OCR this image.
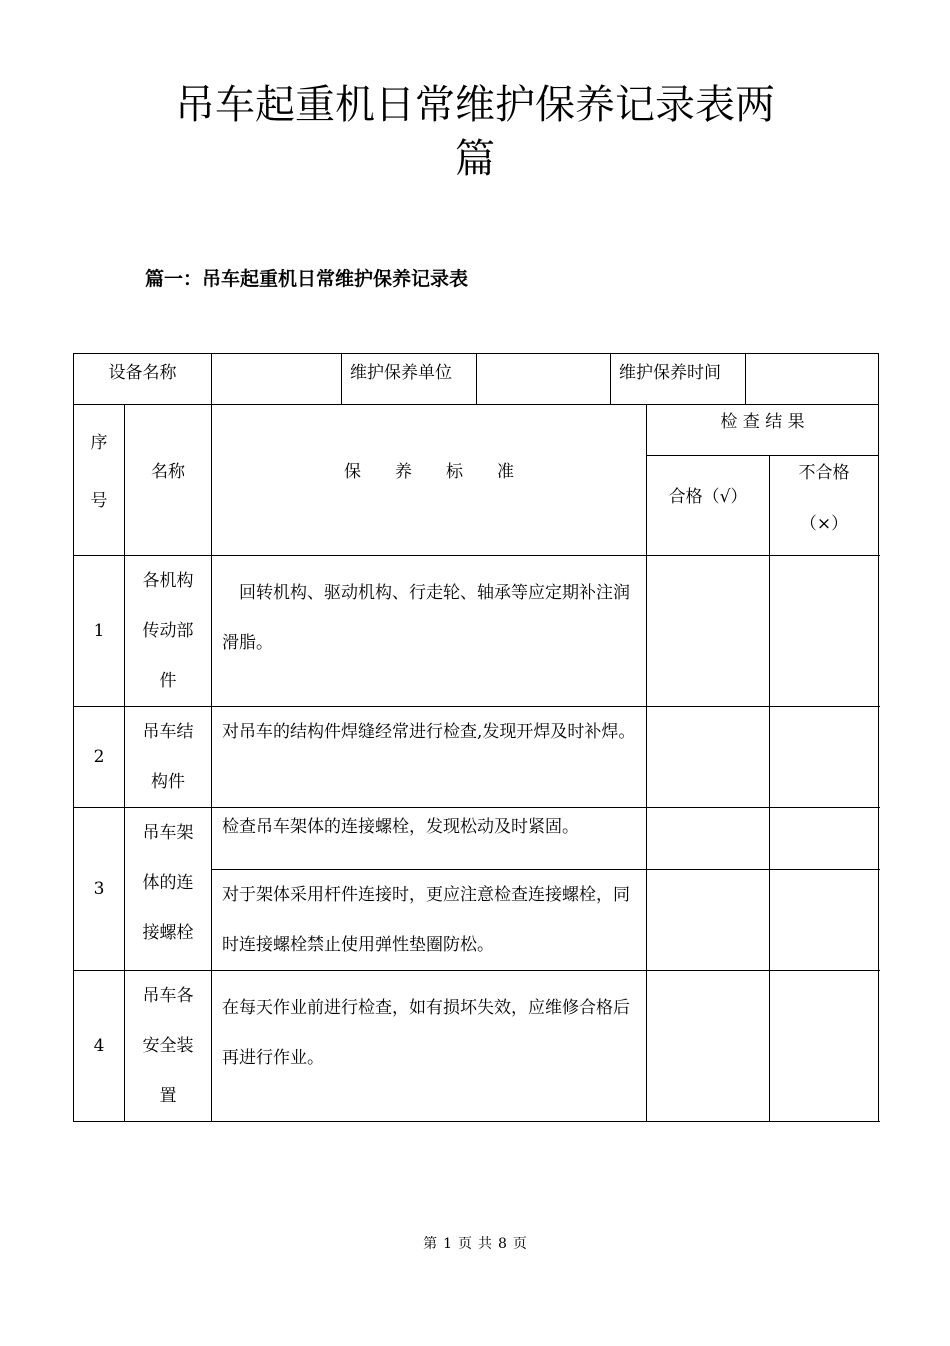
吊车起重机日常维护保养记录表两
篇
篇一：吊车起重机日常维护保养记录表
设备名称			维护保养单位		维护保养时间			

序
号	名称	保　　养　　标　　准				检 查 结 果		
						合格（√）		不合格
（×）

1	各机构
传动部
件	　回转机构、驱动机构、行走轮、轴承等应定期补注润滑脂。						
2	吊车结
构件	对吊车的结构件焊缝经常进行检查,发现开焊及时补焊。						
3	吊车架
体的连
接螺栓	检查吊车架体的连接螺栓，发现松动及时紧固。						
		对于架体采用杆件连接时，更应注意检查连接螺栓，同时连接螺栓禁止使用弹性垫圈防松。						
4	吊车各
安全装
置	在每天作业前进行检查，如有损坏失效，应维修合格后再进行作业。						
第 1 页 共 8 页
